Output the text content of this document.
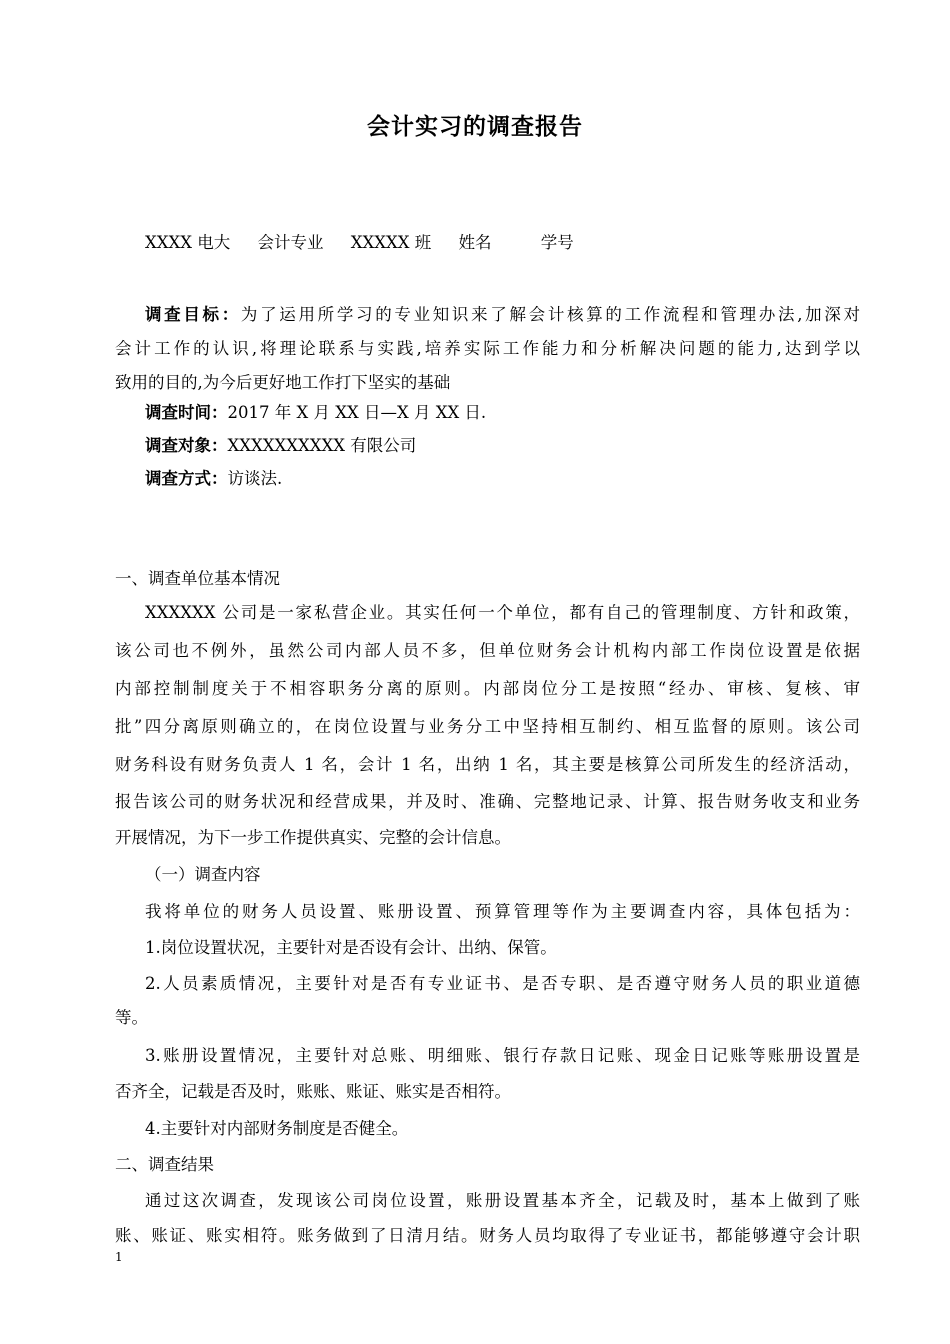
会计实习的调查报告
XXXX 电大 会计专业 XXXXX 班 姓名	学号
调查目标：为了运用所学习的专业知识来了解会计核算的工作流程和管理办法,加深对
会计工作的认识,将理论联系与实践,培养实际工作能力和分析解决问题的能力,达到学以
致用的目的,为今后更好地工作打下坚实的基础
调查时间：2017 年 X 月 XX 日—X 月 XX 日.
调查对象：XXXXXXXXXX 有限公司
调查方式：访谈法.
一、调查单位基本情况
XXXXXX 公司是一家私营企业。其实任何一个单位，都有自己的管理制度、方针和政策，
该公司也不例外，虽然公司内部人员不多，但单位财务会计机构内部工作岗位设置是依据
内部控制制度关于不相容职务分离的原则。内部岗位分工是按照“经办、审核、复核、审
批”四分离原则确立的，在岗位设置与业务分工中坚持相互制约、相互监督的原则。该公司
财务科设有财务负责人 1 名，会计 1 名，出纳 1 名，其主要是核算公司所发生的经济活动，
报告该公司的财务状况和经营成果，并及时、准确、完整地记录、计算、报告财务收支和业务
开展情况，为下一步工作提供真实、完整的会计信息。
（一）调查内容
我将单位的财务人员设置、账册设置、预算管理等作为主要调查内容，具体包括为：
1.岗位设置状况，主要针对是否设有会计、出纳、保管。
2.人员素质情况，主要针对是否有专业证书、是否专职、是否遵守财务人员的职业道德
等。
3.账册设置情况，主要针对总账、明细账、银行存款日记账、现金日记账等账册设置是
否齐全，记载是否及时，账账、账证、账实是否相符。
4.主要针对内部财务制度是否健全。
二、调查结果
通过这次调查，发现该公司岗位设置，账册设置基本齐全，记载及时，基本上做到了账
账、账证、账实相符。账务做到了日清月结。财务人员均取得了专业证书，都能够遵守会计职
1
